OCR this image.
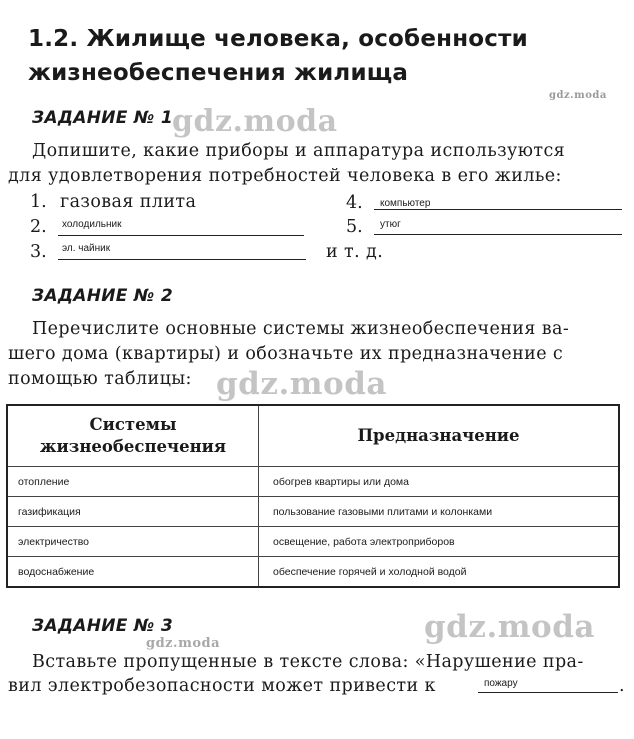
1.2. Жилище человека, особенности
жизнеобеспечения жилища
gdz.moda
ЗАДАНИЕ № 1
gdz.moda
Допишите, какие приборы и аппаратура используются
для удовлетворения потребностей человека в его жилье:
1. газовая плита
2. холодильник
3. эл. чайник
4. компьютер
5. утюг
и т. д.
ЗАДАНИЕ № 2
Перечислите основные системы жизнеобеспечения ва-
шего дома (квартиры) и обозначьте их предназначение с
помощью таблицы: gdz.moda
Системы
жизнеобеспечения	Предназначение
отопление	обогрев квартиры или дома
газификация	пользование газовыми плитами и колонками
электричество	освещение, работа электроприборов
водоснабжение	обеспечение горячей и холодной водой
ЗАДАНИЕ № 3	gdz.moda
gdz.moda
Вставьте пропущенные в тексте слова: «Нарушение пра-
вил электробезопасности может привести к	пожару	.
